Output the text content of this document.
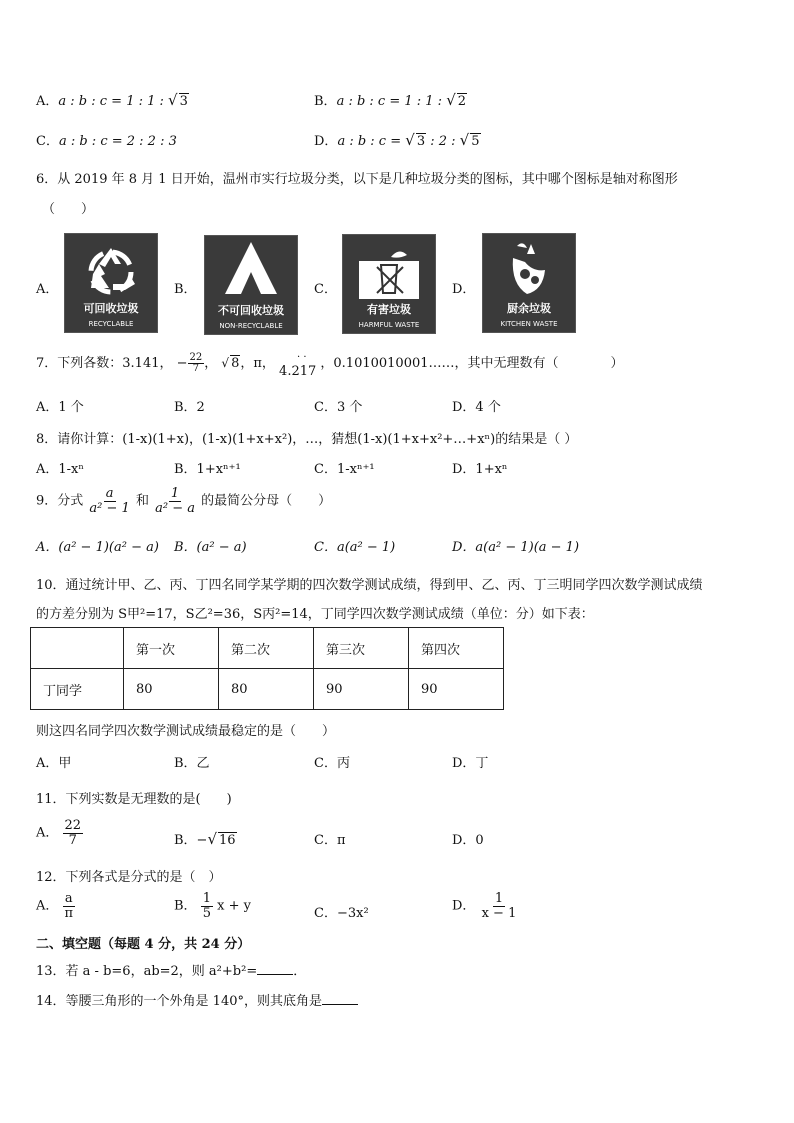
A．a : b : c = 1 : 1 : √ 3	B．a : b : c = 1 : 1 : √ 2
C．a : b : c = 2 : 2 : 3	D．a : b : c = √ 3 : 2 : √ 5
6．从 2019 年 8 月 1 日开始，温州市实行垃圾分类，以下是几种垃圾分类的图标，其中哪个图标是轴对称图形
（　　）
A．
可回收垃圾
RECYCLABLE
B．
不可回收垃圾
NON-RECYCLABLE
C．
有害垃圾
HARMFUL WASTE
D．
厨余垃圾
KITCHEN WASTE
7．下列各数：3.141， − $\frac{22}{7}$ ， √ 8，π， · ·
4.217 ，0.1010010001……，其中无理数有（　　　　）
A．1 个	B．2	C．3 个	D．4 个
8．请你计算：(1-x)(1+x)，(1-x)(1+x+x²)，…，猜想(1-x)(1+x+x²+…+xⁿ)的结果是（ ）
A．1-xⁿ	B．1+xⁿ⁺¹	C．1-xⁿ⁺¹	D．1+xⁿ
9．分式 $\frac{a}{\text{a² − 1}}$ 和 $\frac{1}{\text{a² − a}}$ 的最简公分母（　　）
A．(a² − 1)(a² − a) B．(a² − a)	C．a(a² − 1)	D．a(a² − 1)(a − 1)
10．通过统计甲、乙、丙、丁四名同学某学期的四次数学测试成绩，得到甲、乙、丙、丁三明同学四次数学测试成绩
的方差分别为 S甲²=17，S乙²=36，S丙²=14，丁同学四次数学测试成绩（单位：分）如下表：
	第一次	第二次	第三次	第四次
丁同学	80	80	90	90
则这四名同学四次数学测试成绩最稳定的是（　　）
A．甲	B．乙	C．丙	D．丁
11．下列实数是无理数的是(　　)
A． $\frac{22}{7}$	B．−√ 16	C．π	D．0
12．下列各式是分式的是（　）
A． $\frac{a}{\pi}$	B． $\frac{1}{5}$ x + y	C．−3x²	D． $\frac{1}{x - 1}$
二、填空题（每题 4 分，共 24 分）
13．若 a - b=6，ab=2，则 a²+b²=	．
14．等腰三角形的一个外角是 140°，则其底角是
